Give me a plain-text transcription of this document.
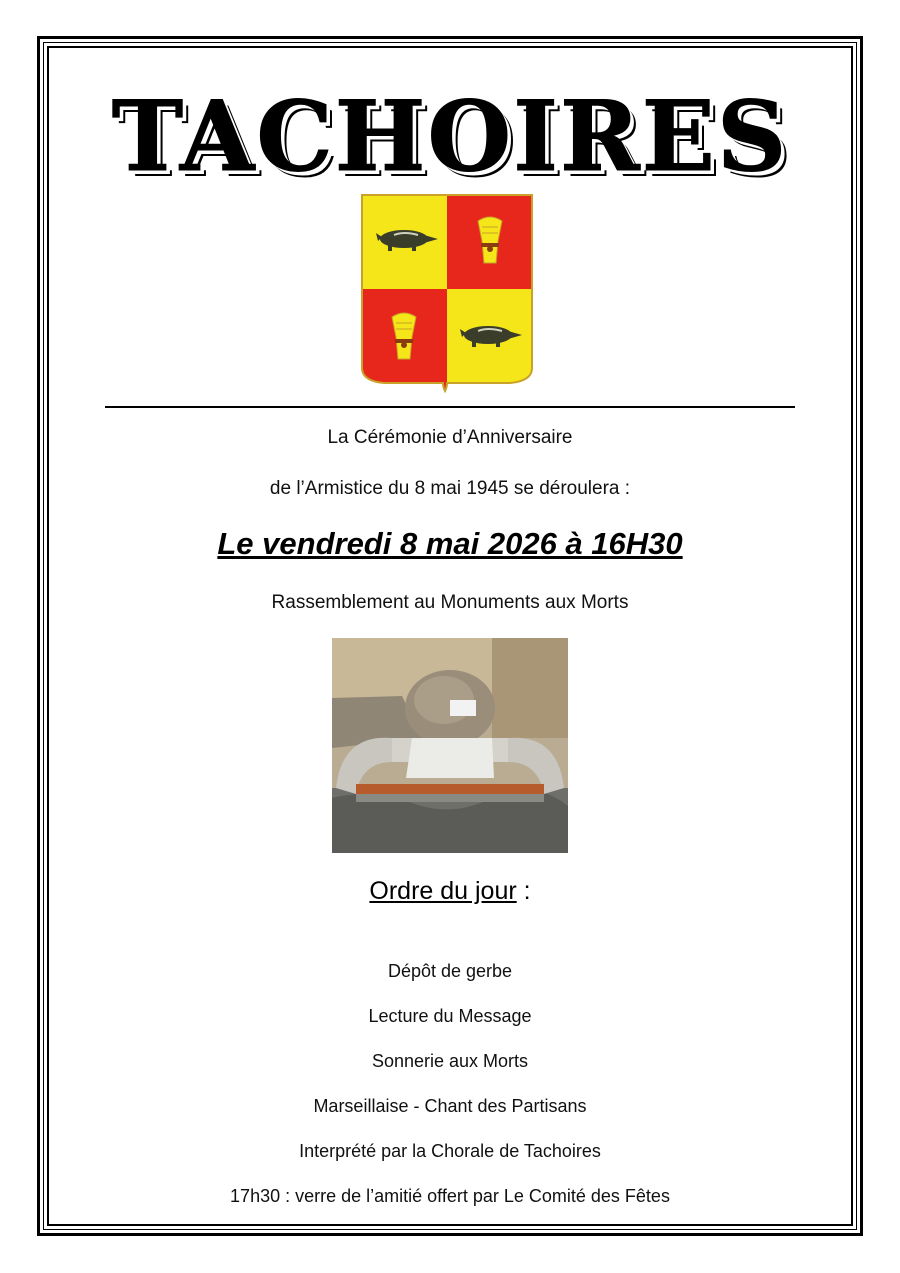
TACHOIRES
La Cérémonie d’Anniversaire
de l’Armistice du 8 mai 1945 se déroulera :
Le vendredi 8 mai 2026 à 16H30
Rassemblement au Monuments aux Morts
Ordre du jour :
Dépôt de gerbe
Lecture du Message
Sonnerie aux Morts
Marseillaise - Chant des Partisans
Interprété par la Chorale de Tachoires
17h30 : verre de l’amitié offert par Le Comité des Fêtes
